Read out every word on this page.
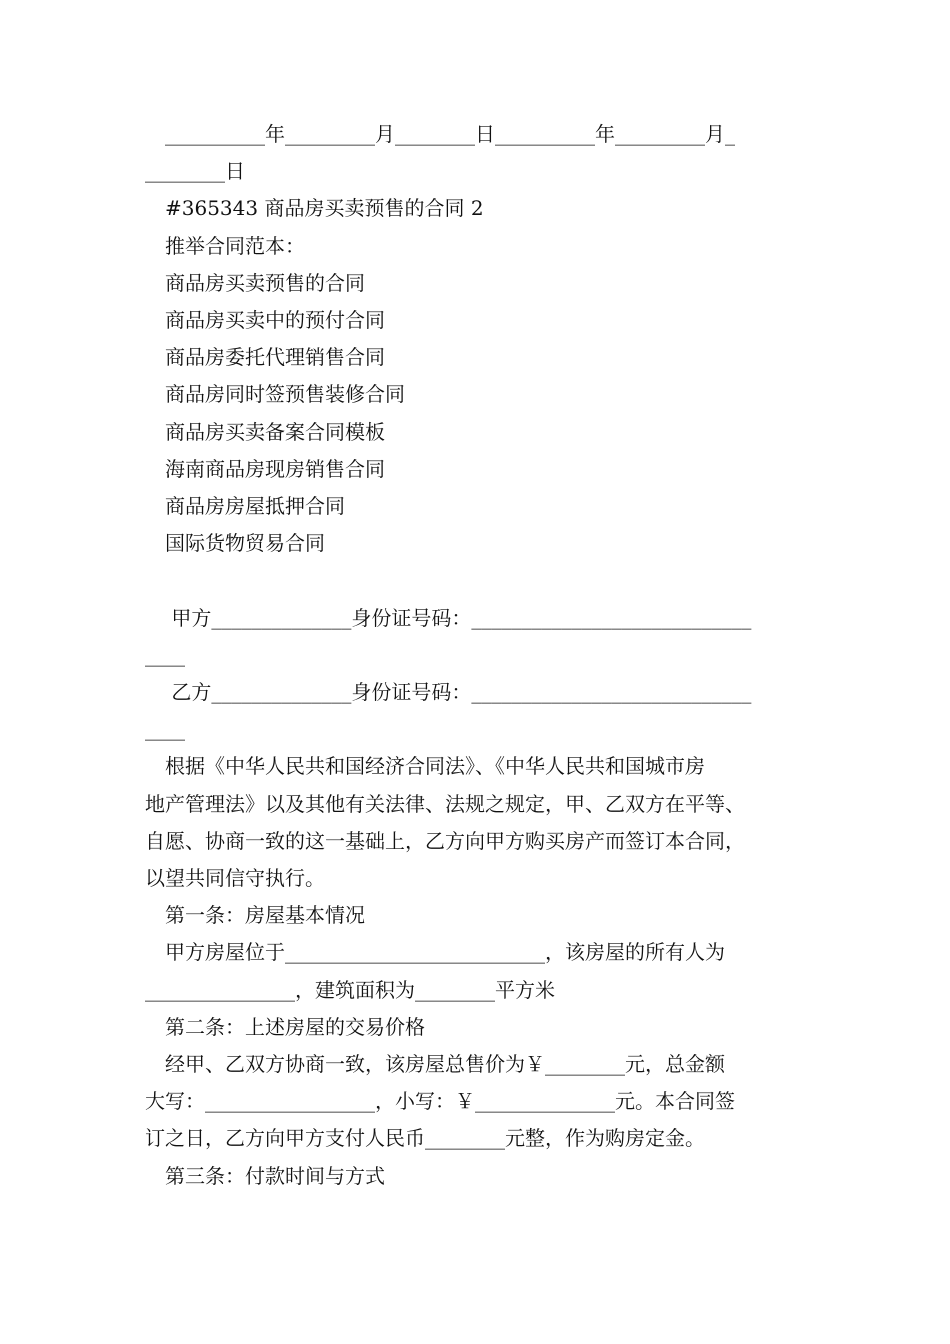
__________年_________月________日__________年_________月_
________日
#365343 商品房买卖预售的合同 2
推举合同范本：
商品房买卖预售的合同
商品房买卖中的预付合同
商品房委托代理销售合同
商品房同时签预售装修合同
商品房买卖备案合同模板
海南商品房现房销售合同
商品房房屋抵押合同
国际货物贸易合同
甲方______________身份证号码：____________________________
____
乙方______________身份证号码：____________________________
____
根据《中华人民共和国经济合同法》、《中华人民共和国城市房
地产管理法》以及其他有关法律、法规之规定，甲、乙双方在平等、
自愿、协商一致的这一基础上，乙方向甲方购买房产而签订本合同，
以望共同信守执行。
第一条：房屋基本情况
甲方房屋位于__________________________，该房屋的所有人为
_______________，建筑面积为________平方米
第二条：上述房屋的交易价格
经甲、乙双方协商一致，该房屋总售价为￥________元，总金额
大写：_________________，小写：￥______________元。本合同签
订之日，乙方向甲方支付人民币________元整，作为购房定金。
第三条：付款时间与方式
